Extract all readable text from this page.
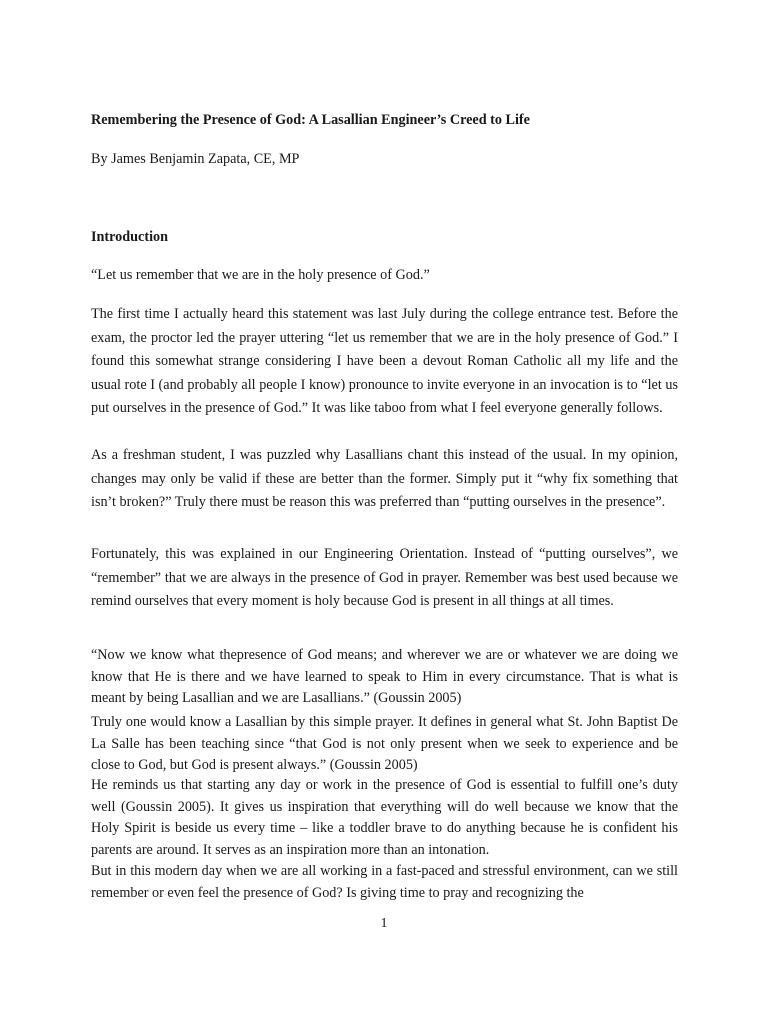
Remembering the Presence of God: A Lasallian Engineer’s Creed to Life

By James Benjamin Zapata, CE, MP

Introduction

“Let us remember that we are in the holy presence of God.”

The first time I actually heard this statement was last July during the college entrance test. Before the exam, the proctor led the prayer uttering “let us remember that we are in the holy presence of God.” I found this somewhat strange considering I have been a devout Roman Catholic all my life and the usual rote I (and probably all people I know) pronounce to invite everyone in an invocation is to “let us put ourselves in the presence of God.” It was like taboo from what I feel everyone generally follows.

As a freshman student, I was puzzled why Lasallians chant this instead of the usual. In my opinion, changes may only be valid if these are better than the former. Simply put it “why fix something that isn’t broken?” Truly there must be reason this was preferred than “putting ourselves in the presence”.

Fortunately, this was explained in our Engineering Orientation. Instead of “putting ourselves”, we “remember” that we are always in the presence of God in prayer. Remember was best used because we remind ourselves that every moment is holy because God is present in all things at all times.

“Now we know what thepresence of God means; and wherever we are or whatever we are doing we know that He is there and we have learned to speak to Him in every circumstance. That is what is meant by being Lasallian and we are Lasallians.” (Goussin 2005)

Truly one would know a Lasallian by this simple prayer. It defines in general what St. John Baptist De La Salle has been teaching since “that God is not only present when we seek to experience and be close to God, but God is present always.” (Goussin 2005)

He reminds us that starting any day or work in the presence of God is essential to fulfill one’s duty well (Goussin 2005). It gives us inspiration that everything will do well because we know that the Holy Spirit is beside us every time – like a toddler brave to do anything because he is confident his parents are around. It serves as an inspiration more than an intonation.

But in this modern day when we are all working in a fast-paced and stressful environment, can we still remember or even feel the presence of God? Is giving time to pray and recognizing the

1
